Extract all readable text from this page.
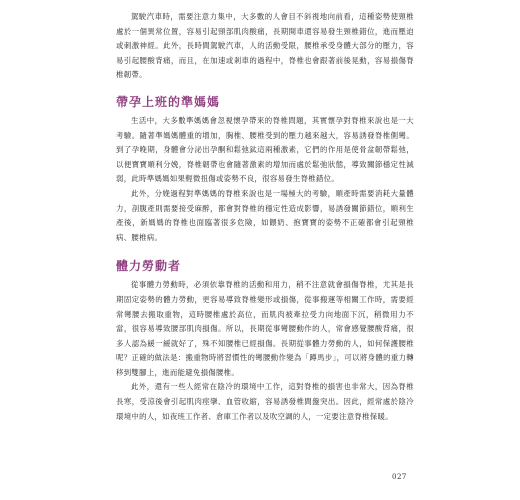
駕駛汽車時，需要注意力集中，大多數的人會目不斜視地向前看，這種姿勢使頸椎處於一個異常位置，容易引起頸部肌肉酸痛，長期開車還容易發生頸椎錯位，進而壓迫或刺激神經。此外，長時間駕駛汽車，人的活動受限，腰椎承受身體大部分的壓力，容易引起腰酸背痛，而且，在加速或剎車的過程中，脊椎也會跟著前後晃動，容易損傷脊椎韌帶。

帶孕上班的準媽媽

生活中，大多數準媽媽會忽視懷孕帶來的脊椎問題，其實懷孕對脊椎來說也是一大考驗。隨著準媽媽體重的增加，胸椎、腰椎受到的壓力越來越大，容易誘發脊椎側彎。到了孕晚期，身體會分泌出孕酮和鬆弛鈦這兩種激素，它們的作用是使骨盆韌帶鬆弛，以便寶寶順利分娩，脊椎韌帶也會隨著激素的增加而處於鬆弛狀態，導致關節穩定性減弱，此時準媽媽如果輕微扭傷或姿勢不良，很容易發生脊椎錯位。

此外，分娩過程對準媽媽的脊椎來說也是一場極大的考驗，順產時需要消耗大量體力，剖腹產則需要接受麻醉，都會對脊椎的穩定性造成影響，易誘發關節錯位，順利生產後，新媽媽的脊椎也面臨著很多危險，如餵奶、抱寶寶的姿勢不正確都會引起頸椎病、腰椎病。

體力勞動者

從事體力勞動時，必須依靠脊椎的活動和用力，稍不注意就會損傷脊椎，尤其是長期固定姿勢的體力勞動，更容易導致脊椎變形或損傷，從事搬運等相關工作時，需要經常彎腰去搬取重物，這時腰椎處於高位，而肌肉被牽拉受力向地面下沉，稍微用力不當，很容易導致腰部肌肉損傷。所以，長期從事彎腰動作的人，常會感覺腰酸背痛，很多人認為緩一緩就好了，殊不知腰椎已經損傷。長期從事體力勞動的人，如何保護腰椎呢？正確的做法是：搬重物時將習慣性的彎腰動作變為「蹲馬步」，可以將身體的重力轉移到雙腳上，進而能避免損傷腰椎。

此外，還有一些人經常在陰冷的環境中工作，這對脊椎的損害也非常大，因為脊椎長寒，受涼後會引起肌肉痙攣、血管收縮，容易誘發椎間盤突出。因此，經常處於陰冷環境中的人，如夜班工作者、倉庫工作者以及吹空調的人，一定要注意脊椎保暖。

027
